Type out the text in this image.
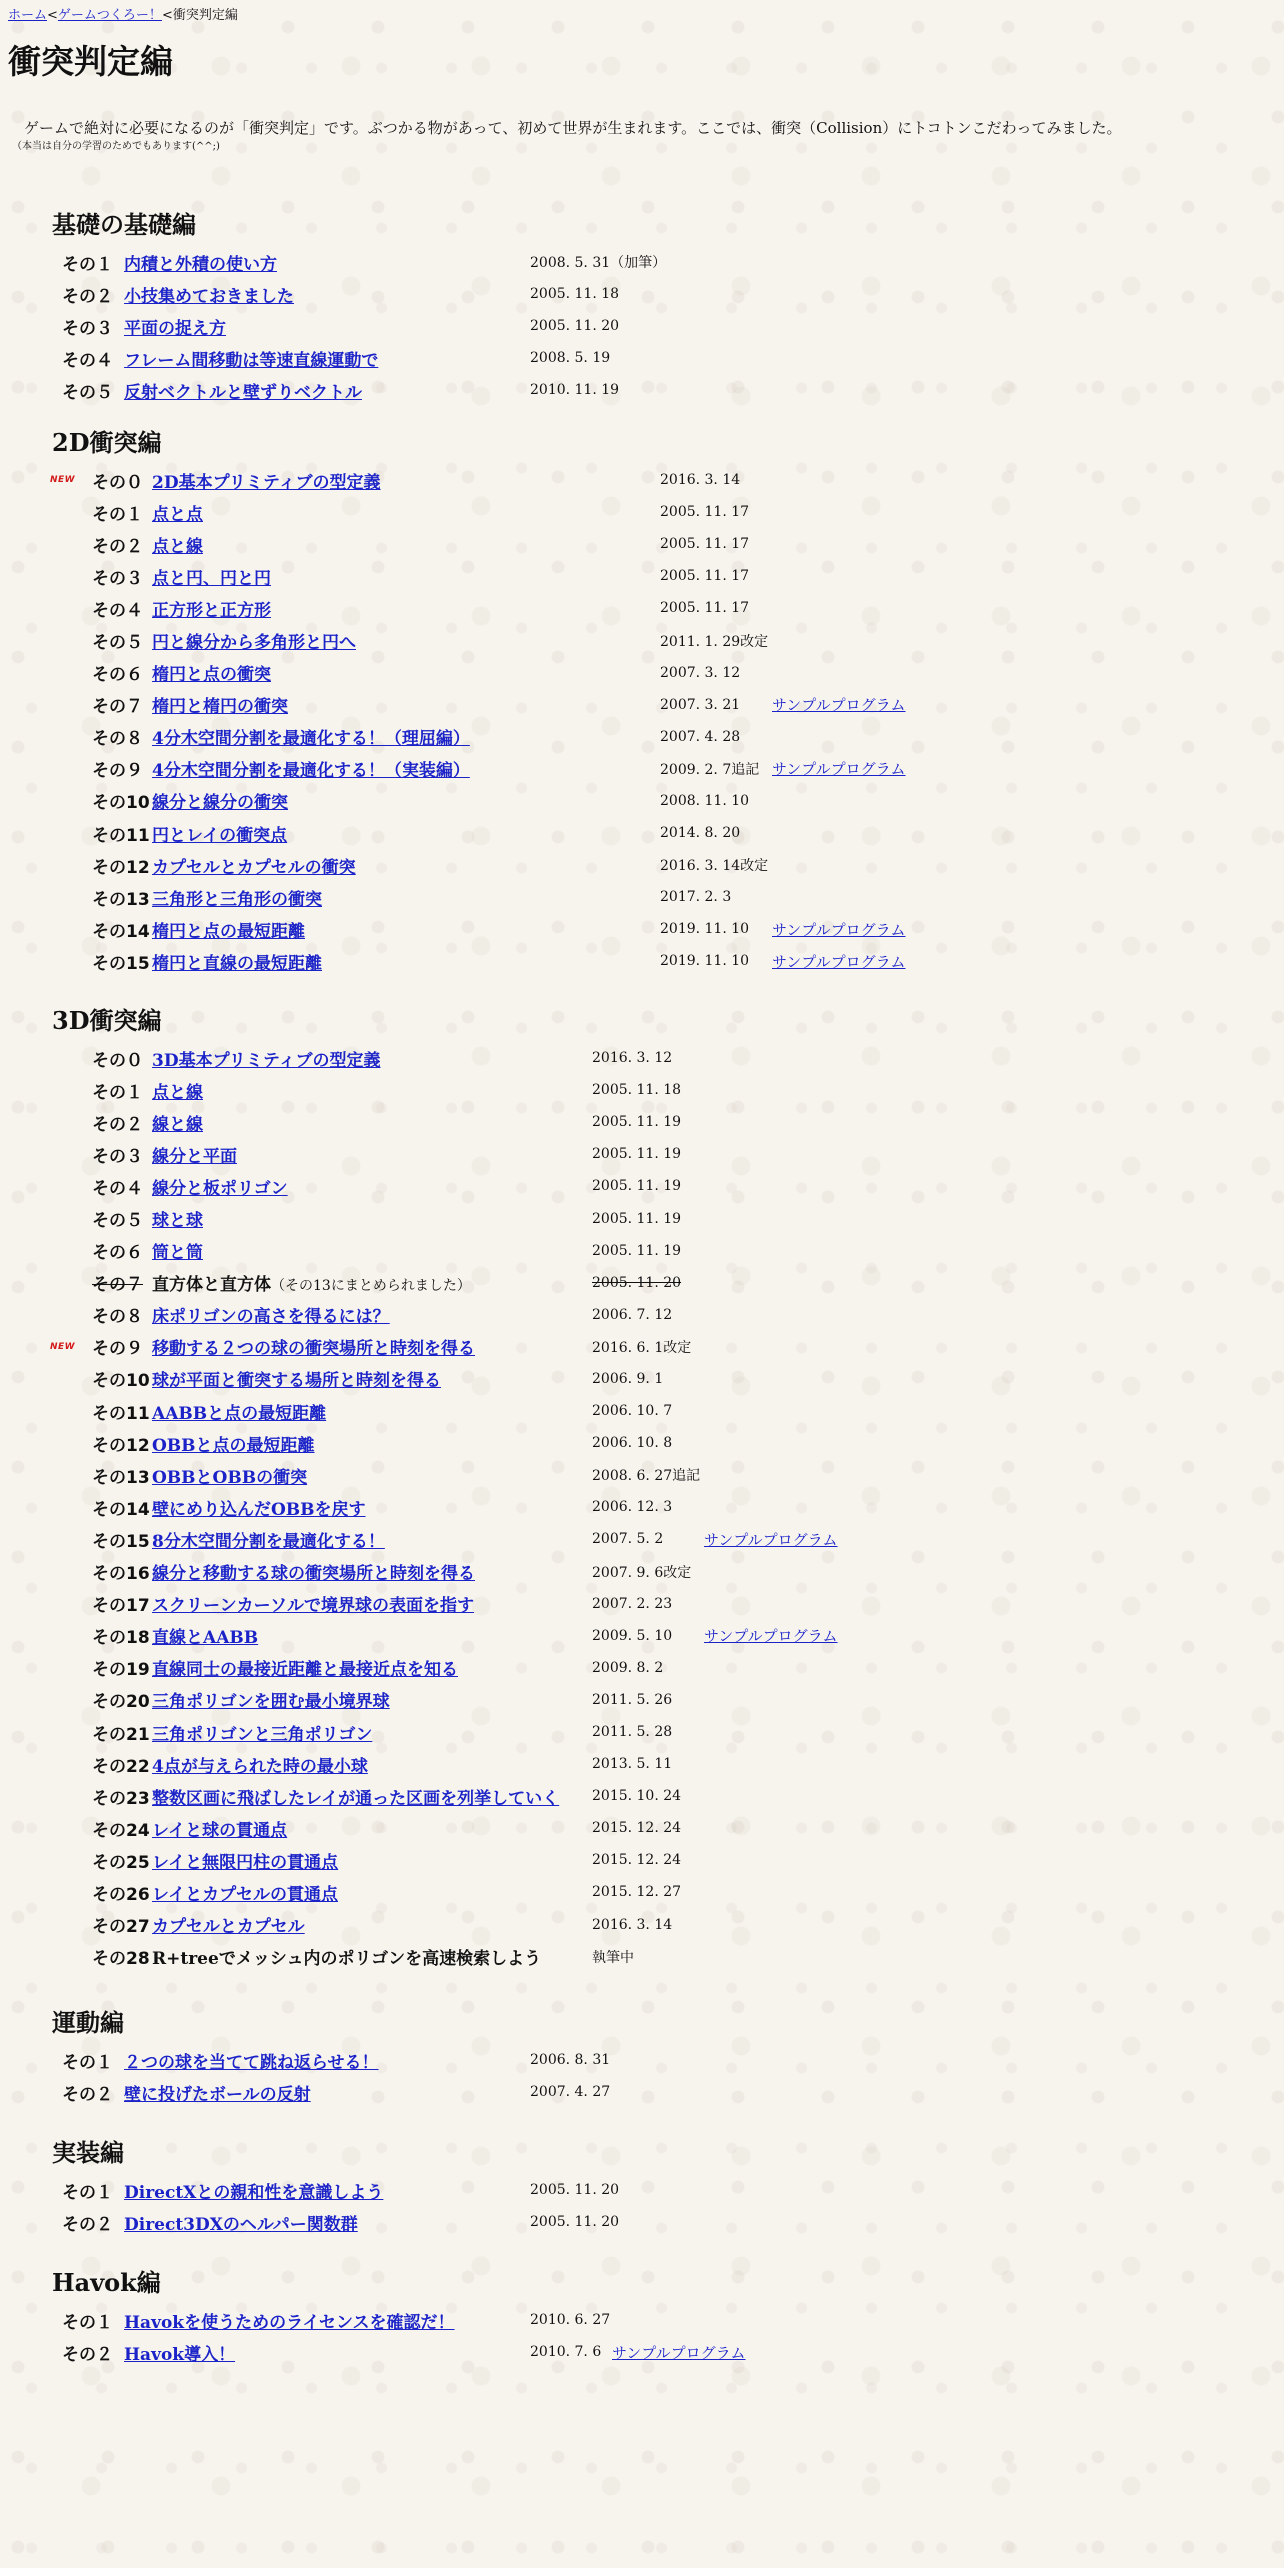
ホーム<ゲームつくろー！<衝突判定編
衝突判定編
ゲームで絶対に必要になるのが「衝突判定」です。ぶつかる物があって、初めて世界が生まれます。ここでは、衝突（Collision）にトコトンこだわってみました。
（本当は自分の学習のためでもあります(^^;)
基礎の基礎編
その１ 内積と外積の使い方	2008. 5. 31（加筆）
その２ 小技集めておきました	2005. 11. 18
その３ 平面の捉え方	2005. 11. 20
その４ フレーム間移動は等速直線運動で	2008. 5. 19
その５ 反射ベクトルと壁ずりベクトル	2010. 11. 19
2D衝突編
NEW その０ 2D基本プリミティブの型定義	2016. 3. 14
その１ 点と点	2005. 11. 17
その２ 点と線	2005. 11. 17
その３ 点と円、円と円	2005. 11. 17
その４ 正方形と正方形	2005. 11. 17
その５ 円と線分から多角形と円へ	2011. 1. 29改定
その６ 楕円と点の衝突	2007. 3. 12
その７ 楕円と楕円の衝突	2007. 3. 21 サンプルプログラム
その８ 4分木空間分割を最適化する！（理屈編）	2007. 4. 28
その９ 4分木空間分割を最適化する！（実装編）	2009. 2. 7追記 サンプルプログラム
その10 線分と線分の衝突	2008. 11. 10
その11 円とレイの衝突点	2014. 8. 20
その12 カプセルとカプセルの衝突	2016. 3. 14改定
その13 三角形と三角形の衝突	2017. 2. 3
その14 楕円と点の最短距離	2019. 11. 10 サンプルプログラム
その15 楕円と直線の最短距離	2019. 11. 10 サンプルプログラム
3D衝突編
その０ 3D基本プリミティブの型定義	2016. 3. 12
その１ 点と線	2005. 11. 18
その２ 線と線	2005. 11. 19
その３ 線分と平面	2005. 11. 19
その４ 線分と板ポリゴン	2005. 11. 19
その５ 球と球	2005. 11. 19
その６ 筒と筒	2005. 11. 19
その７ 直方体と直方体（その13にまとめられました）	2005. 11. 20
その８ 床ポリゴンの高さを得るには？	2006. 7. 12
NEW その９ 移動する２つの球の衝突場所と時刻を得る	2016. 6. 1改定
その10 球が平面と衝突する場所と時刻を得る	2006. 9. 1
その11 AABBと点の最短距離	2006. 10. 7
その12 OBBと点の最短距離	2006. 10. 8
その13 OBBとOBBの衝突	2008. 6. 27追記
その14 壁にめり込んだOBBを戻す	2006. 12. 3
その15 8分木空間分割を最適化する！	2007. 5. 2	サンプルプログラム
その16 線分と移動する球の衝突場所と時刻を得る	2007. 9. 6改定
その17 スクリーンカーソルで境界球の表面を指す	2007. 2. 23
その18 直線とAABB	2009. 5. 10 サンプルプログラム
その19 直線同士の最接近距離と最接近点を知る	2009. 8. 2
その20 三角ポリゴンを囲む最小境界球	2011. 5. 26
その21 三角ポリゴンと三角ポリゴン	2011. 5. 28
その22 4点が与えられた時の最小球	2013. 5. 11
その23 整数区画に飛ばしたレイが通った区画を列挙していく 2015. 10. 24
その24 レイと球の貫通点	2015. 12. 24
その25 レイと無限円柱の貫通点	2015. 12. 24
その26 レイとカプセルの貫通点	2015. 12. 27
その27 カプセルとカプセル	2016. 3. 14
その28 R+treeでメッシュ内のポリゴンを高速検索しよう	執筆中
運動編
その１ ２つの球を当てて跳ね返らせる！	2006. 8. 31
その２ 壁に投げたボールの反射	2007. 4. 27
実装編
その１ DirectXとの親和性を意識しよう	2005. 11. 20
その２ Direct3DXのヘルパー関数群	2005. 11. 20
Havok編
その１ Havokを使うためのライセンスを確認だ！	2010. 6. 27
その２ Havok導入！	2010. 7. 6 サンプルプログラム
